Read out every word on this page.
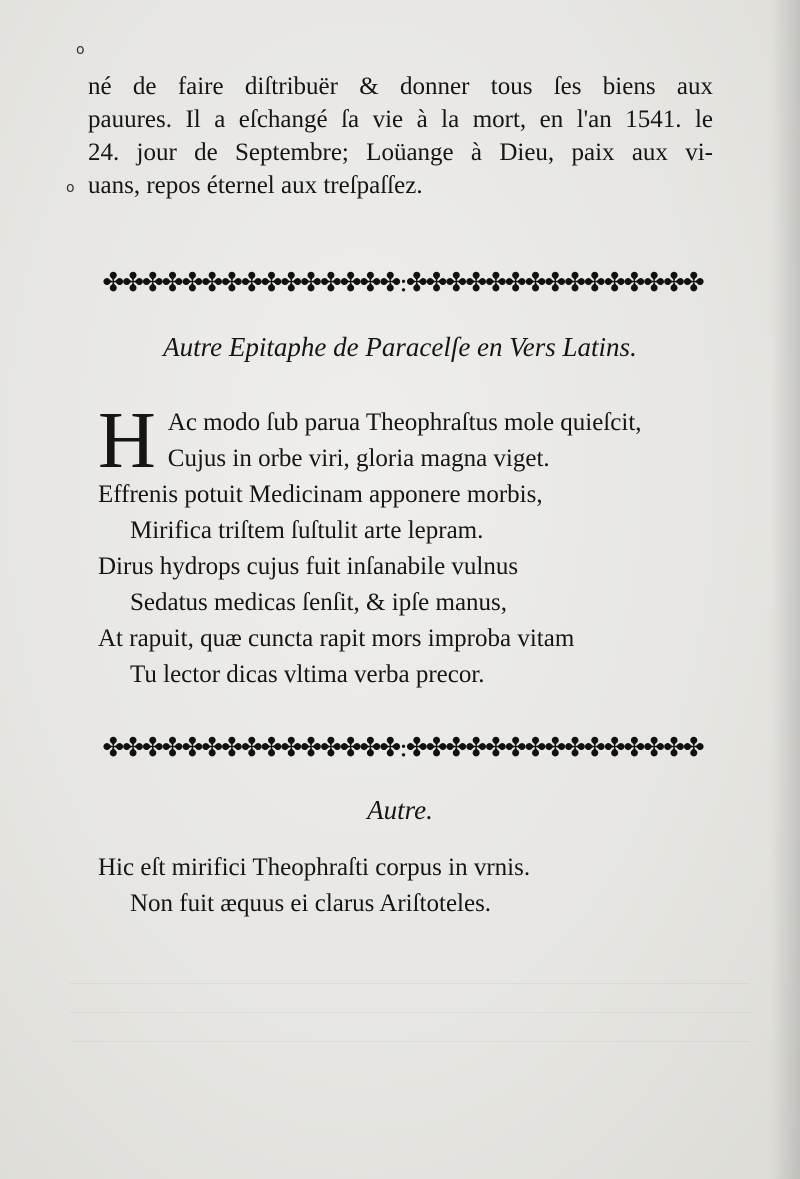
o
o
né de faire diſtribuër & donner tous ſes biens aux
pauures. Il a eſchangé ſa vie à la mort, en l'an 1541. le
24. jour de Septembre; Loüange à Dieu, paix aux vi-
uans, repos éternel aux treſpaſſez.
✤✤✤✤✤✤✤✤✤✤✤✤✤✤✤:✤✤✤✤✤✤✤✤✤✤✤✤✤✤✤
Autre Epitaphe de Paracelſe en Vers Latins.
H Ac modo ſub parua Theophraſtus mole quieſcit,
Cujus in orbe viri, gloria magna viget.
Effrenis potuit Medicinam apponere morbis,
Mirifica triſtem ſuſtulit arte lepram.
Dirus hydrops cujus fuit inſanabile vulnus
Sedatus medicas ſenſit, & ipſe manus,
At rapuit, quæ cuncta rapit mors improba vitam
Tu lector dicas vltima verba precor.
✤✤✤✤✤✤✤✤✤✤✤✤✤✤✤:✤✤✤✤✤✤✤✤✤✤✤✤✤✤✤
Autre.
Hic eſt mirifici Theophraſti corpus in vrnis.
Non fuit æquus ei clarus Ariſtoteles.
